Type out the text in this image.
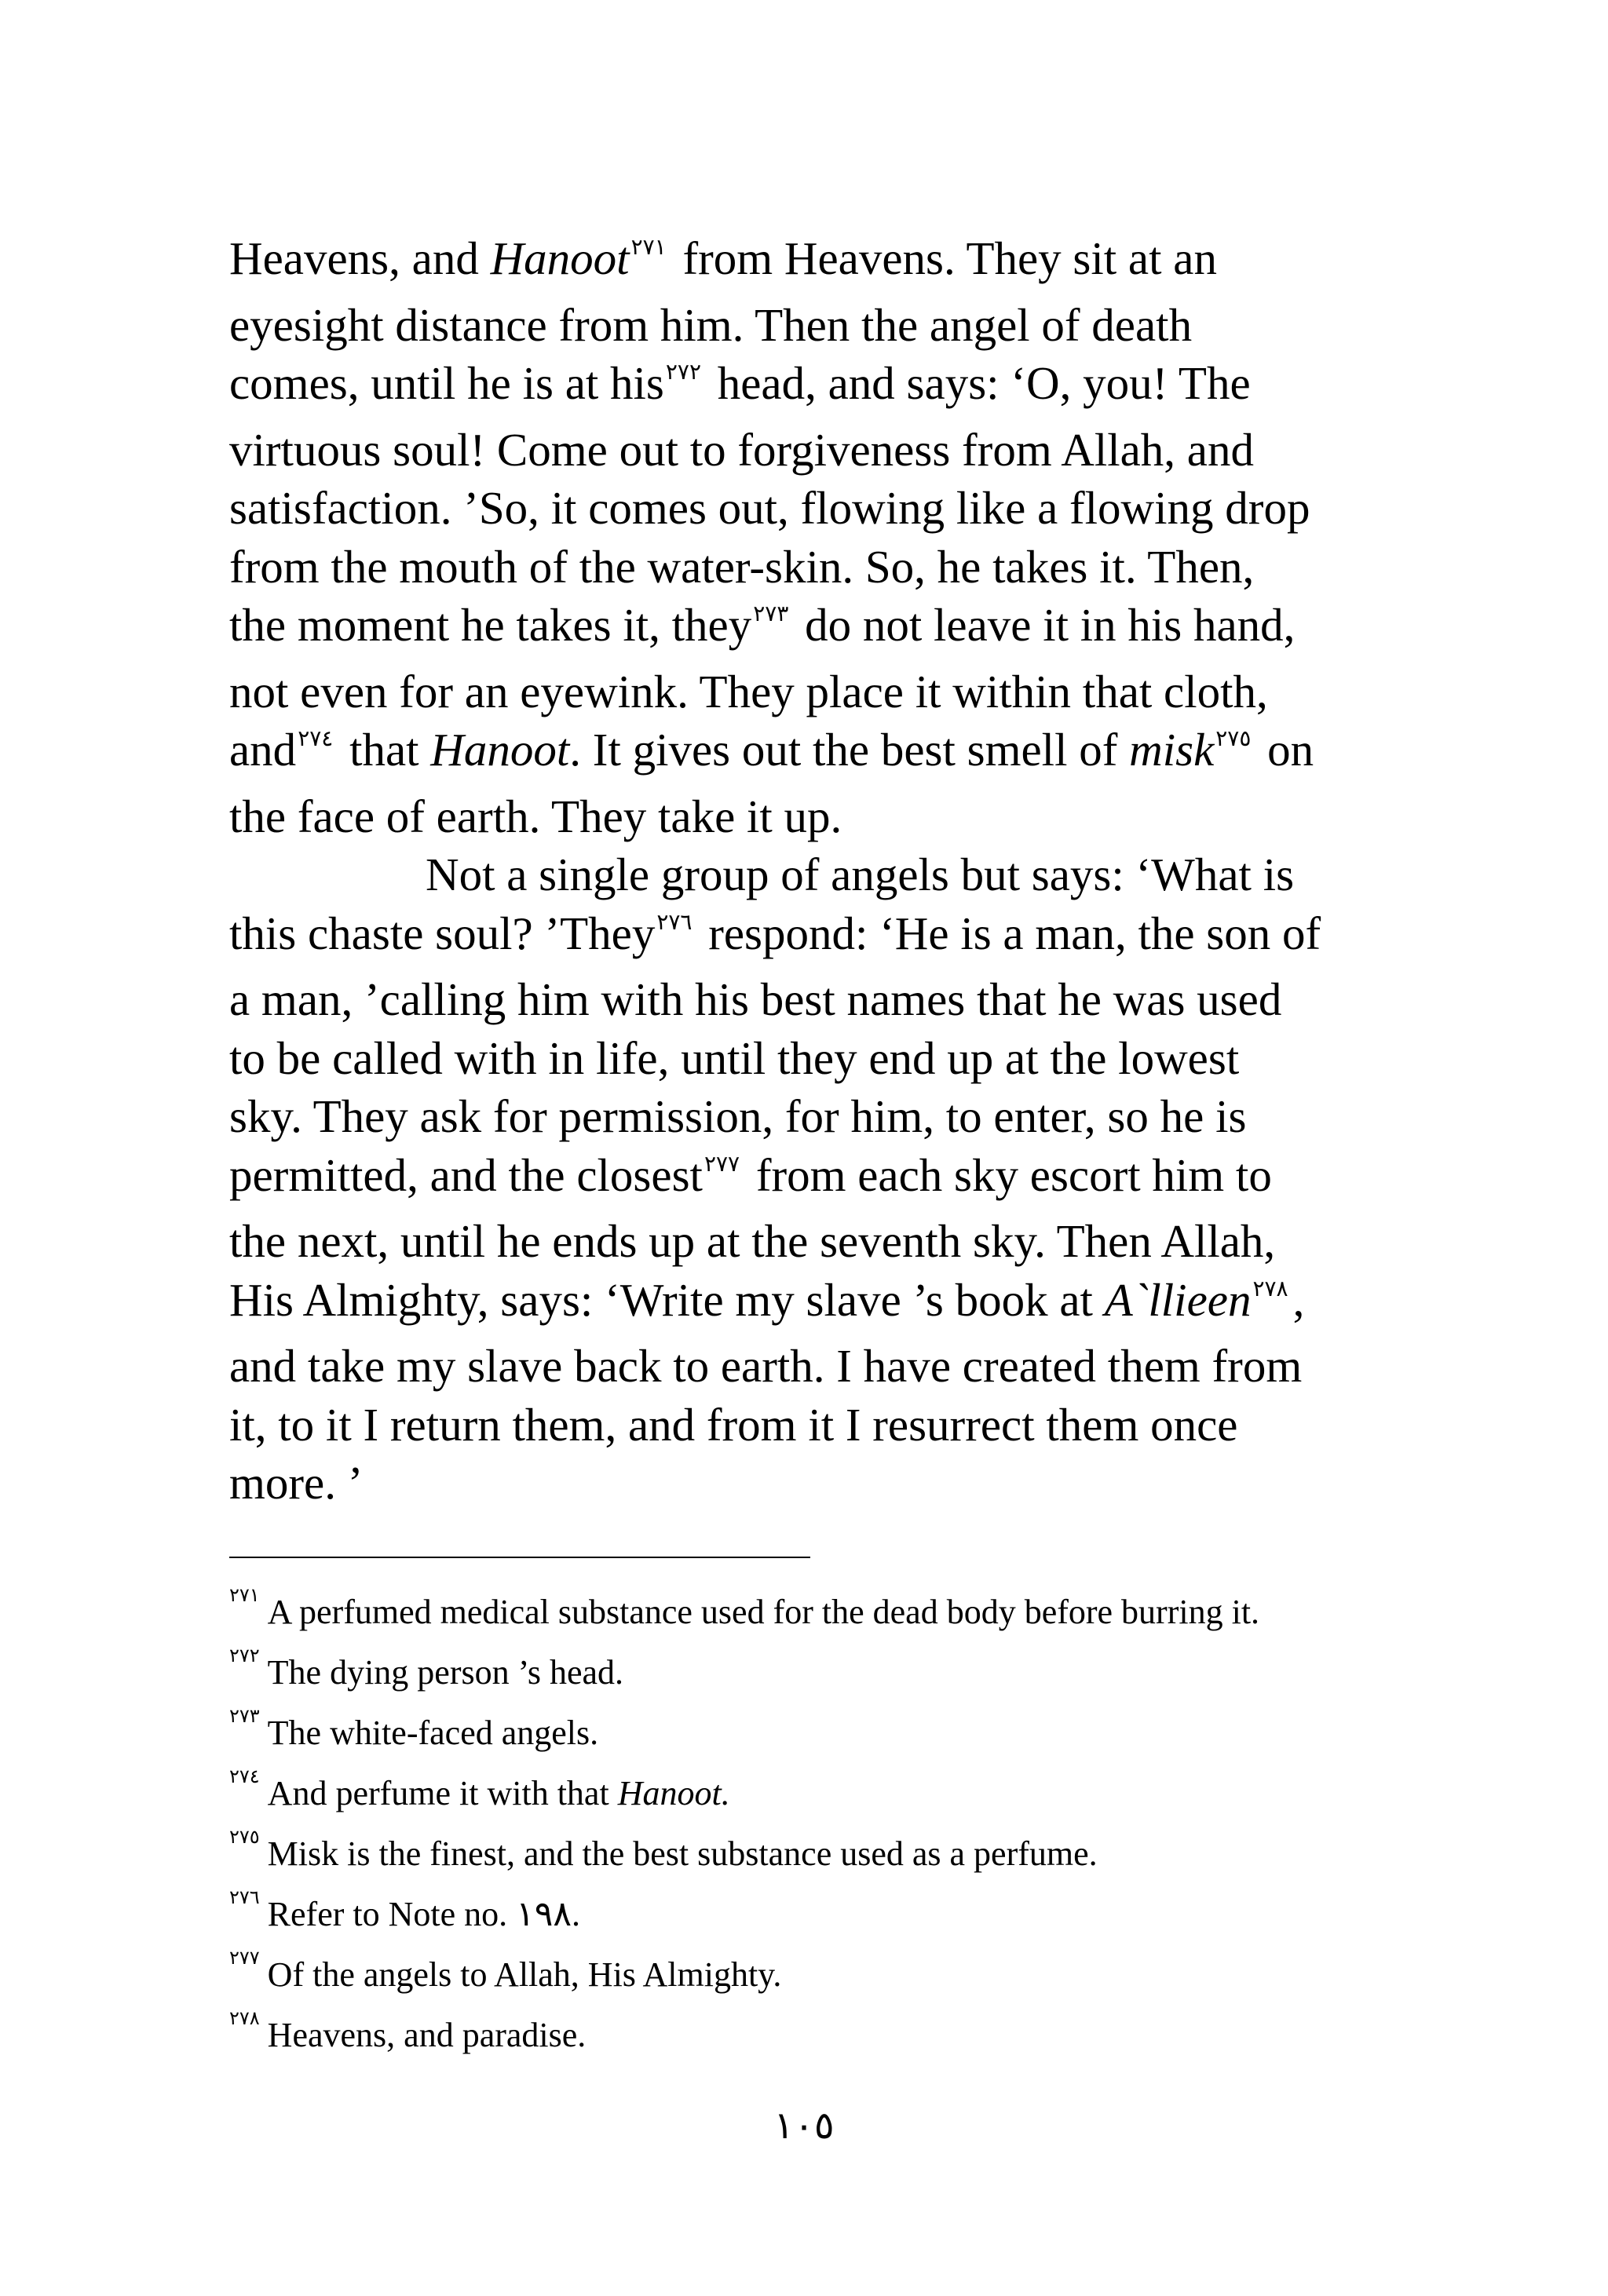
Heavens, and Hanoot$^{٢٧١}$ from Heavens. They sit at an
eyesight distance from him. Then the angel of death
comes, until he is at his$^{٢٧٢}$ head, and says: ‘O, you! The
virtuous soul! Come out to forgiveness from Allah, and
satisfaction. ’So, it comes out, flowing like a flowing drop
from the mouth of the water-skin. So, he takes it. Then,
the moment he takes it, they$^{٢٧٣}$ do not leave it in his hand,
not even for an eyewink. They place it within that cloth,
and$^{٢٧٤}$ that Hanoot. It gives out the best smell of misk$^{٢٧٥}$ on
the face of earth. They take it up.
Not a single group of angels but says: ‘What is
this chaste soul? ’They$^{٢٧٦}$ respond: ‘He is a man, the son of
a man, ’calling him with his best names that he was used
to be called with in life, until they end up at the lowest
sky. They ask for permission, for him, to enter, so he is
permitted, and the closest$^{٢٧٧}$ from each sky escort him to
the next, until he ends up at the seventh sky. Then Allah,
His Almighty, says: ‘Write my slave ’s book at A`llieen$^{٢٧٨}$ ,
and take my slave back to earth. I have created them from
it, to it I return them, and from it I resurrect them once
more. ’
$^{٢٧١}$ A perfumed medical substance used for the dead body before burring it.
$^{٢٧٢}$ The dying person ’s head.
$^{٢٧٣}$ The white-faced angels.
$^{٢٧٤}$ And perfume it with that Hanoot.
$^{٢٧٥}$ Misk is the finest, and the best substance used as a perfume.
$^{٢٧٦}$ Refer to Note no. ١٩٨.
$^{٢٧٧}$ Of the angels to Allah, His Almighty.
$^{٢٧٨}$ Heavens, and paradise.
١٠٥
